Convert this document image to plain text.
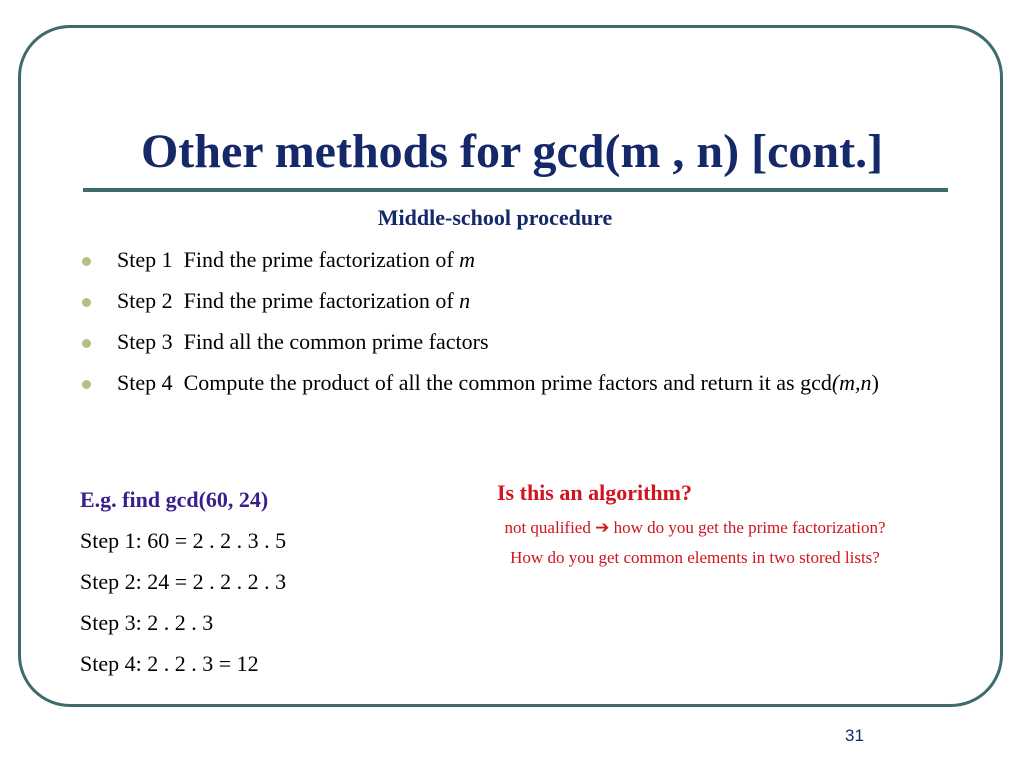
Other methods for gcd(m , n) [cont.]
Middle-school procedure
Step 1 Find the prime factorization of m
Step 2 Find the prime factorization of n
Step 3 Find all the common prime factors
Step 4 Compute the product of all the common prime factors and return it as gcd(m,n)
E.g. find gcd(60, 24)
Step 1: 60 = 2 . 2 . 3 . 5
Step 2: 24 = 2 . 2 . 2 . 3
Step 3: 2 . 2 . 3
Step 4: 2 . 2 . 3 = 12
Is this an algorithm?
not qualified ➔ how do you get the prime factorization? How do you get common elements in two stored lists?
31
